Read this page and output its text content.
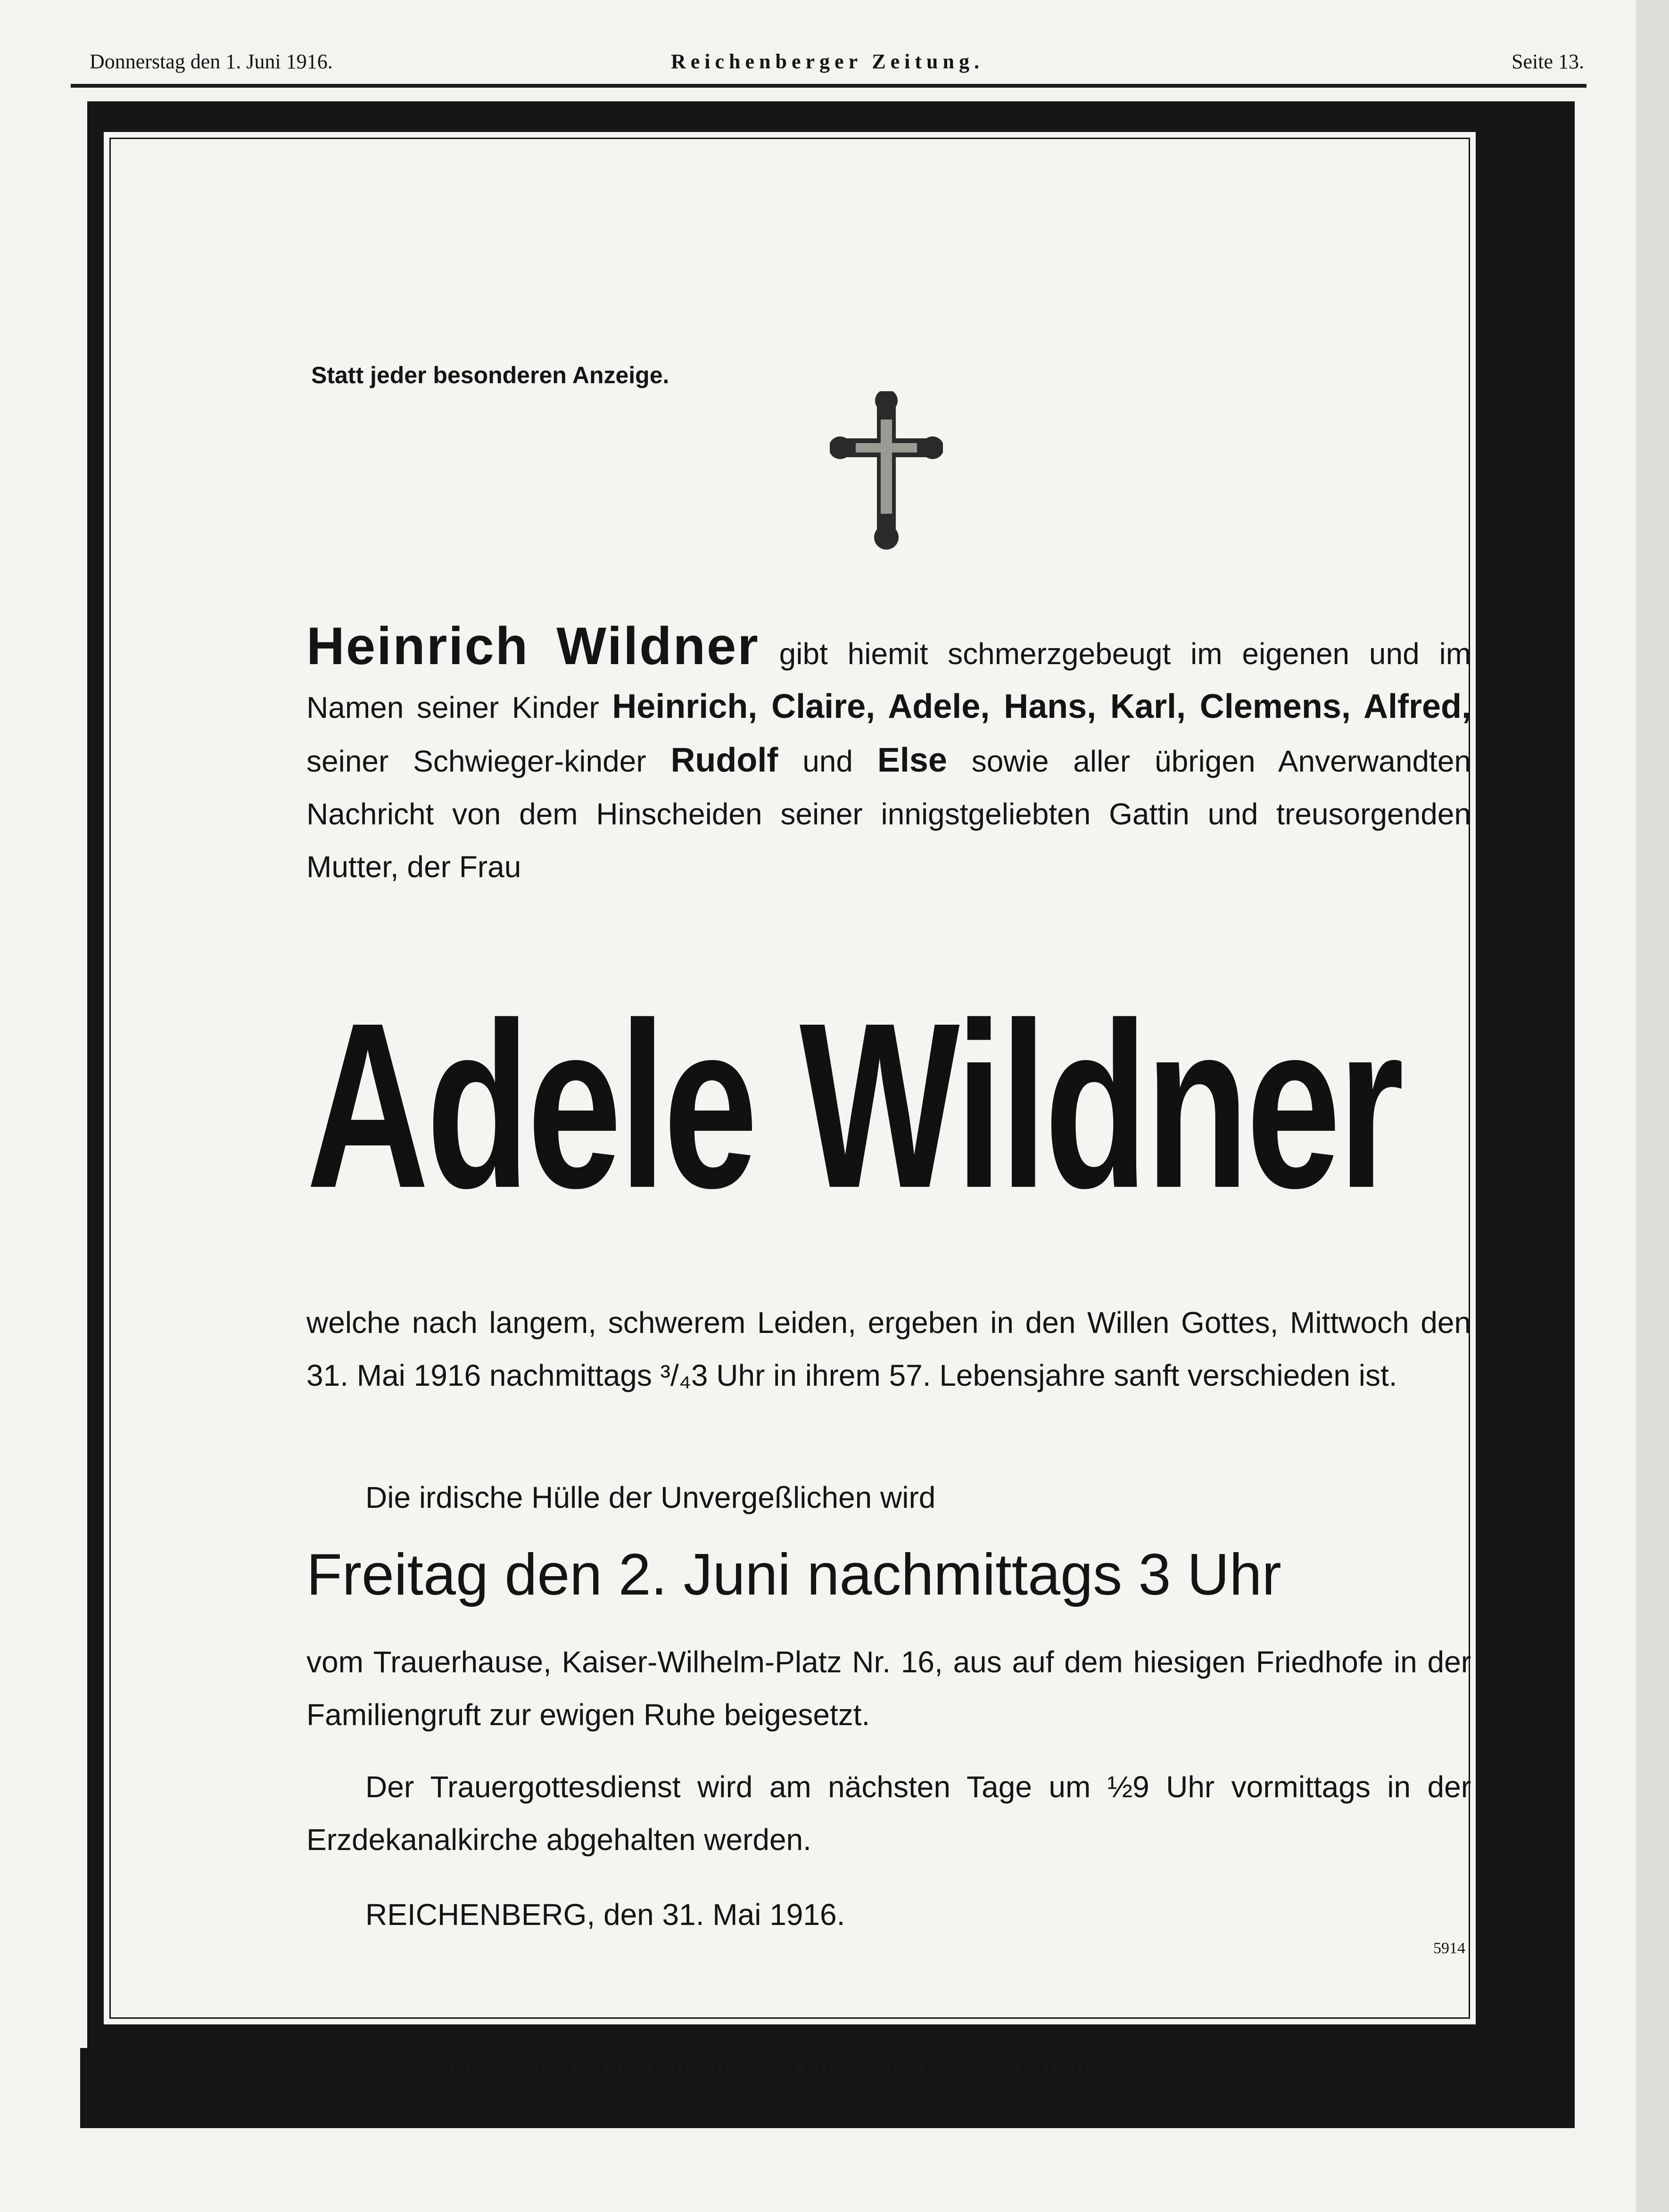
Donnerstag den 1. Juni 1916.	Reichenberger Zeitung.	Seite 13.
Statt jeder besonderen Anzeige.
Heinrich Wildner gibt hiemit schmerzgebeugt im eigenen und im Namen seiner Kinder Heinrich, Claire, Adele, Hans, Karl, Clemens, Alfred, seiner Schwieger-kinder Rudolf und Else sowie aller übrigen Anverwandten Nachricht von dem Hinscheiden seiner innigstgeliebten Gattin und treusorgenden Mutter, der Frau
Adele Wildner
welche nach langem, schwerem Leiden, ergeben in den Willen Gottes, Mittwoch den 31. Mai 1916 nachmittags ³/₄3 Uhr in ihrem 57. Lebensjahre sanft verschieden ist.
Die irdische Hülle der Unvergeßlichen wird
Freitag den 2. Juni nachmittags 3 Uhr
vom Trauerhause, Kaiser-Wilhelm-Platz Nr. 16, aus auf dem hiesigen Friedhofe in der Familiengruft zur ewigen Ruhe beigesetzt.
Der Trauergottesdienst wird am nächsten Tage um ½9 Uhr vormittags in der Erzdekanalkirche abgehalten werden.
REICHENBERG, den 31. Mai 1916.
5914
Es wird gebeten, von Kranzspenden und Beileidsbesuchen abzusehen.
Robert Prade, Bestattungs-Unternehmung, Reichenberg.
